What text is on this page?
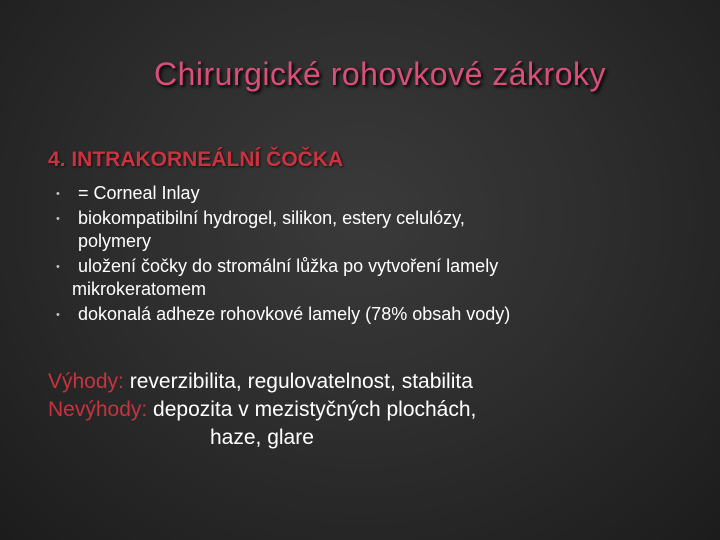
Chirurgické rohovkové zákroky
4. INTRAKORNEÁLNÍ ČOČKA
• = Corneal Inlay
• biokompatibilní hydrogel, silikon, estery celulózy,
polymery
• uložení čočky do stromální lůžka po vytvoření lamely
mikrokeratomem
• dokonalá adheze rohovkové lamely (78% obsah vody)
Výhody: reverzibilita, regulovatelnost, stabilita
Nevýhody: depozita v mezistyčných plochách,
haze, glare
